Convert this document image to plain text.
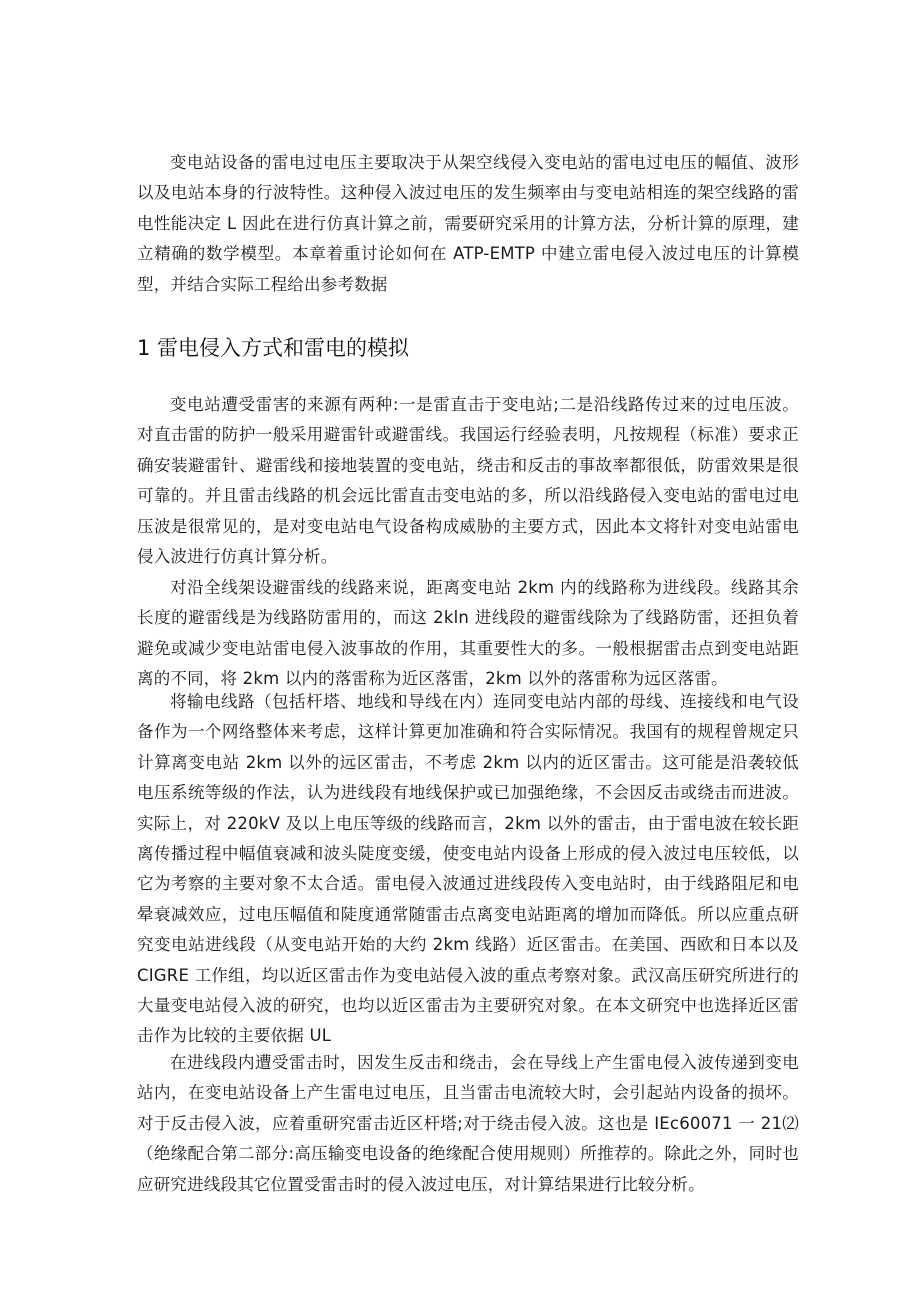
变电站设备的雷电过电压主要取决于从架空线侵入变电站的雷电过电压的幅值、波形以及电站本身的行波特性。这种侵入波过电压的发生频率由与变电站相连的架空线路的雷电性能决定 L 因此在进行仿真计算之前，需要研究采用的计算方法，分析计算的原理，建立精确的数学模型。本章着重讨论如何在 ATP-EMTP 中建立雷电侵入波过电压的计算模型，并结合实际工程给出参考数据

1 雷电侵入方式和雷电的模拟

变电站遭受雷害的来源有两种:一是雷直击于变电站;二是沿线路传过来的过电压波。对直击雷的防护一般采用避雷针或避雷线。我国运行经验表明，凡按规程（标准）要求正确安装避雷针、避雷线和接地装置的变电站，绕击和反击的事故率都很低，防雷效果是很可靠的。并且雷击线路的机会远比雷直击变电站的多，所以沿线路侵入变电站的雷电过电压波是很常见的，是对变电站电气设备构成威胁的主要方式，因此本文将针对变电站雷电侵入波进行仿真计算分析。

对沿全线架设避雷线的线路来说，距离变电站 2km 内的线路称为进线段。线路其余长度的避雷线是为线路防雷用的，而这 2kln 进线段的避雷线除为了线路防雷，还担负着避免或减少变电站雷电侵入波事故的作用，其重要性大的多。一般根据雷击点到变电站距离的不同，将 2km 以内的落雷称为近区落雷，2km 以外的落雷称为远区落雷。

将输电线路（包括杆塔、地线和导线在内）连同变电站内部的母线、连接线和电气设备作为一个网络整体来考虑，这样计算更加准确和符合实际情况。我国有的规程曾规定只计算离变电站 2km 以外的远区雷击，不考虑 2km 以内的近区雷击。这可能是沿袭较低电压系统等级的作法，认为进线段有地线保护或已加强绝缘，不会因反击或绕击而进波。实际上，对 220kV 及以上电压等级的线路而言，2km 以外的雷击，由于雷电波在较长距离传播过程中幅值衰减和波头陡度变缓，使变电站内设备上形成的侵入波过电压较低，以它为考察的主要对象不太合适。雷电侵入波通过进线段传入变电站时，由于线路阻尼和电晕衰减效应，过电压幅值和陡度通常随雷击点离变电站距离的增加而降低。所以应重点研究变电站进线段（从变电站开始的大约 2km 线路）近区雷击。在美国、西欧和日本以及 CIGRE 工作组，均以近区雷击作为变电站侵入波的重点考察对象。武汉高压研究所进行的大量变电站侵入波的研究，也均以近区雷击为主要研究对象。在本文研究中也选择近区雷击作为比较的主要依据 UL

在进线段内遭受雷击时，因发生反击和绕击，会在导线上产生雷电侵入波传递到变电站内，在变电站设备上产生雷电过电压，且当雷击电流较大时，会引起站内设备的损坏。对于反击侵入波，应着重研究雷击近区杆塔;对于绕击侵入波。这也是 IEc60071 一 21⑵（绝缘配合第二部分:高压输变电设备的绝缘配合使用规则）所推荐的。除此之外，同时也应研究进线段其它位置受雷击时的侵入波过电压，对计算结果进行比较分析。
